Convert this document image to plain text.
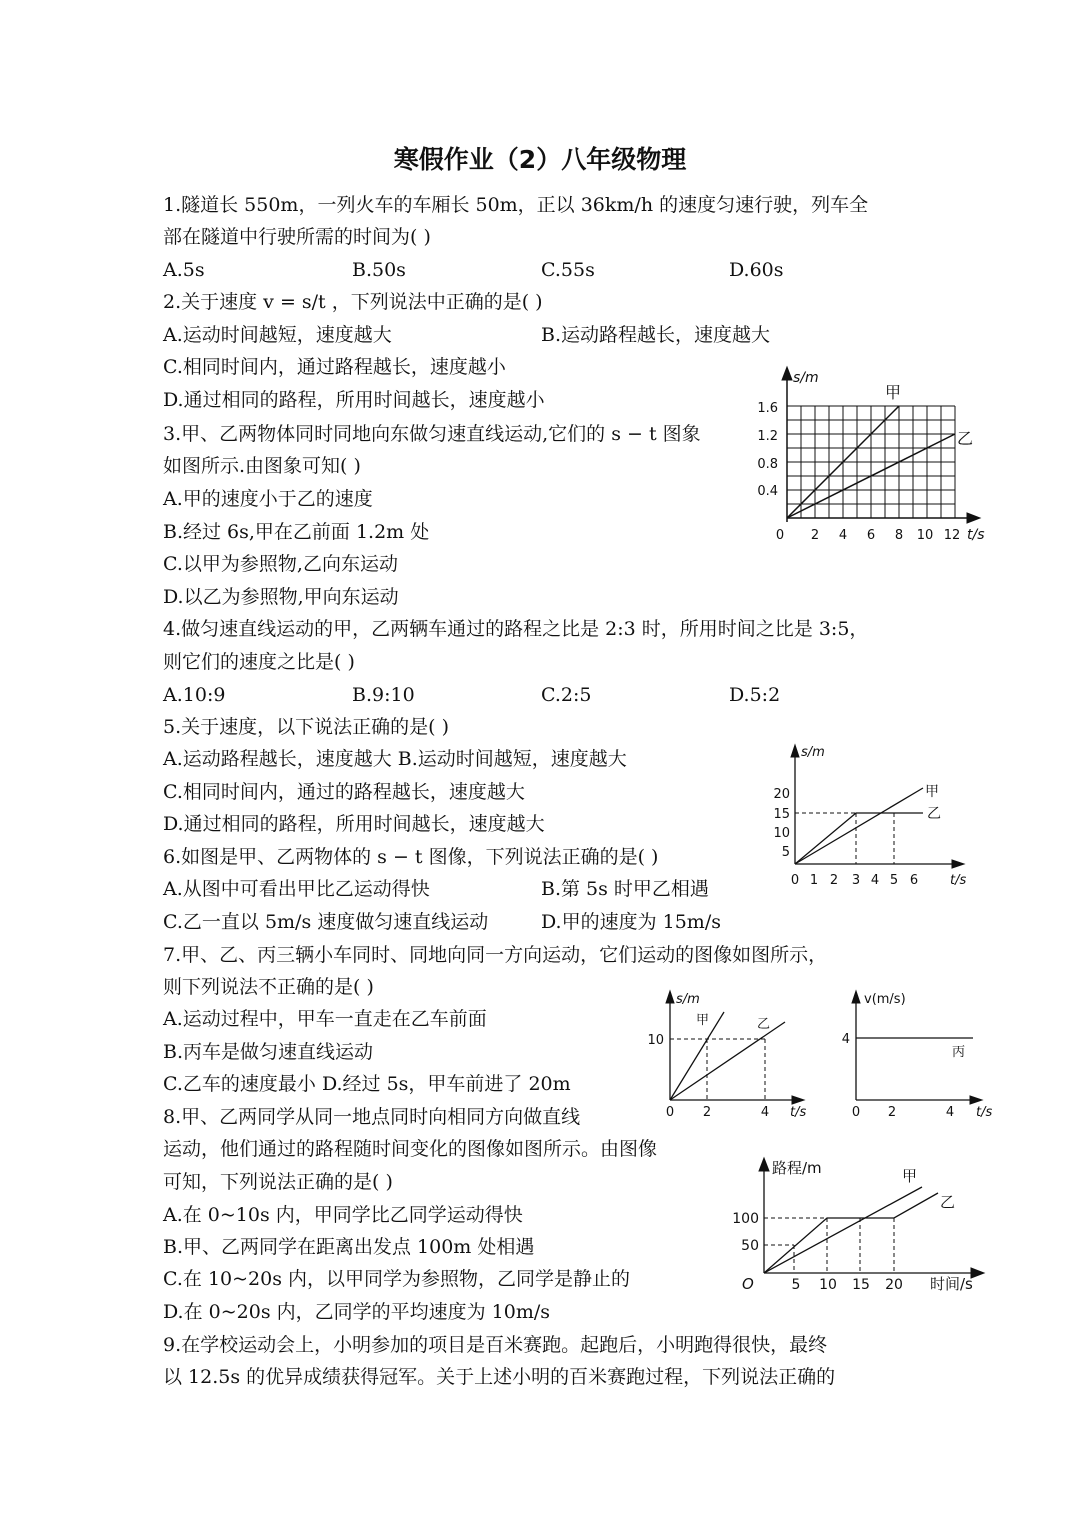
寒假作业（2）八年级物理
1.隧道长 550m，一列火车的车厢长 50m，正以 36km/h 的速度匀速行驶，列车全
部在隧道中行驶所需的时间为( )
A.5s	B.50s	C.55s	D.60s
2.关于速度 v = s/t ，下列说法中正确的是( )
A.运动时间越短，速度越大	B.运动路程越长，速度越大
C.相同时间内，通过路程越长，速度越小
D.通过相同的路程，所用时间越长，速度越小
3.甲、乙两物体同时同地向东做匀速直线运动,它们的 s − t 图象
如图所示.由图象可知( )
A.甲的速度小于乙的速度
B.经过 6s,甲在乙前面 1.2m 处
C.以甲为参照物,乙向东运动
D.以乙为参照物,甲向东运动
4.做匀速直线运动的甲，乙两辆车通过的路程之比是 2:3 时，所用时间之比是 3:5，
则它们的速度之比是( )
A.10:9	B.9:10	C.2:5	D.5:2
5.关于速度，以下说法正确的是( )
A.运动路程越长，速度越大 B.运动时间越短，速度越大
C.相同时间内，通过的路程越长，速度越大
D.通过相同的路程，所用时间越长，速度越大
6.如图是甲、乙两物体的 s − t 图像，下列说法正确的是( )
A.从图中可看出甲比乙运动得快	B.第 5s 时甲乙相遇
C.乙一直以 5m/s 速度做匀速直线运动	D.甲的速度为 15m/s
7.甲、乙、丙三辆小车同时、同地向同一方向运动，它们运动的图像如图所示，
则下列说法不正确的是( )
A.运动过程中，甲车一直走在乙车前面
B.丙车是做匀速直线运动
C.乙车的速度最小 D.经过 5s，甲车前进了 20m
8.甲、乙两同学从同一地点同时向相同方向做直线
运动，他们通过的路程随时间变化的图像如图所示。由图像
可知，下列说法正确的是( )
A.在 0~10s 内，甲同学比乙同学运动得快
B.甲、乙两同学在距离出发点 100m 处相遇
C.在 10~20s 内，以甲同学为参照物，乙同学是静止的
D.在 0~20s 内，乙同学的平均速度为 10m/s
9.在学校运动会上，小明参加的项目是百米赛跑。起跑后，小明跑得很快，最终
以 12.5s 的优异成绩获得冠军。关于上述小明的百米赛跑过程，下列说法正确的
s/m
1.6
1.2
0.8
0.4
0 2 4 6 8 10 12 t/s
甲
乙
s/m
20
15
10
5
0 1 2 3 4 5 6 t/s
甲
乙
s/m
10
0 2	4 t/s
甲	乙
v(m/s)
4
0 2	4 t/s
丙
路程/m
100
50
O	5 10 15 20 时间/s
甲
乙
